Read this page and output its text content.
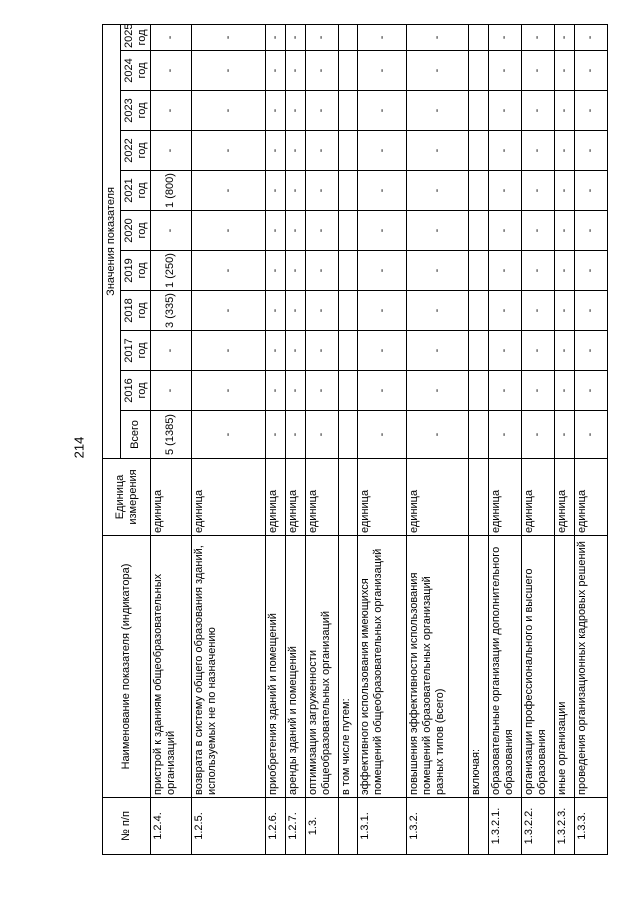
214
№ п/п	Наименование показателя (индикатора)	Единица измерения	Значения показателя										
			Всего	2016 год	2017 год	2018 год	2019 год	2020 год	2021 год	2022 год	2023 год	2024 год	2025 год
1.2.4.	пристрой к зданиям общеобразовательных организаций	единица	5 (1385)	-	-	3 (335)	1 (250)	-	1 (800)	-	-	-	-
1.2.5.	возврата в систему общего образования зданий, используемых не по назначению	единица	-	-	-	-	-	-	-	-	-	-	-
1.2.6.	приобретения зданий и помещений	единица	-	-	-	-	-	-	-	-	-	-	-
1.2.7.	аренды зданий и помещений	единица	-	-	-	-	-	-	-	-	-	-	-
1.3.	оптимизации загруженности общеобразовательных организаций	единица	-	-	-	-	-	-	-	-	-	-	-
	в том числе путем:												
1.3.1.	эффективного использования имеющихся помещений общеобразовательных организаций	единица	-	-	-	-	-	-	-	-	-	-	-
1.3.2.	повышения эффективности использования помещений образовательных организаций разных типов (всего)	единица	-	-	-	-	-	-	-	-	-	-	-
	включая:												
1.3.2.1.	образовательные организации дополнительного образования	единица	-	-	-	-	-	-	-	-	-	-	-
1.3.2.2.	организации профессионального и высшего образования	единица	-	-	-	-	-	-	-	-	-	-	-
1.3.2.3.	иные организации	единица	-	-	-	-	-	-	-	-	-	-	-
1.3.3.	проведения организационных кадровых решений	единица	-	-	-	-	-	-	-	-	-	-	-
